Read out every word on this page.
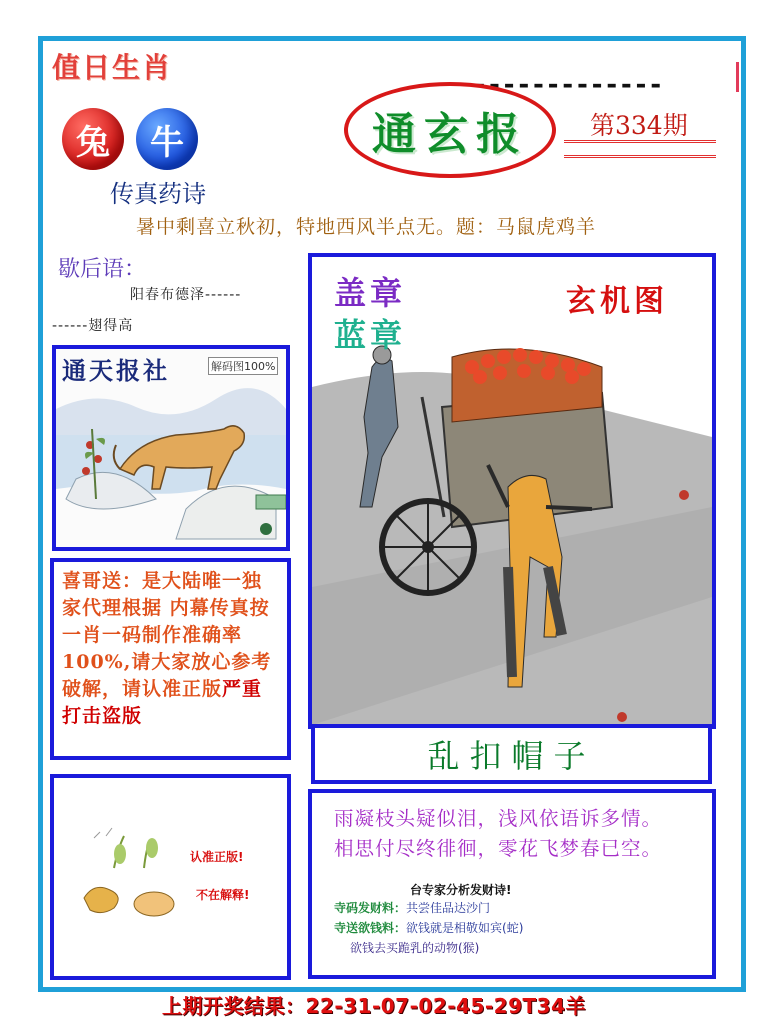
值日生肖
-------------
兔	牛
传真药诗
通玄报	第334期
暑中剩喜立秋初，特地西风半点无。题：马鼠虎鸡羊
歇后语：
阳春布德泽------
------翅得高
通天报社	解码图100%
喜哥送：是大陆唯一独家代理根据 内幕传真按一肖一码制作准确率100%,请大家放心参考破解，请认准正版严重打击盗版
认准正版!
不在解释!
盖章
蓝章
玄机图
乱扣帽子
雨凝枝头疑似泪，浅风依语诉多情。
相思付尽终徘徊，零花飞梦春已空。
台专家分析发财诗!
寺码发财料：共尝佳品达沙门
寺送欲钱料：欲钱就是相敬如宾(蛇)
欲钱去买跪乳的动物(猴)
上期开奖结果：22-31-07-02-45-29T34羊
